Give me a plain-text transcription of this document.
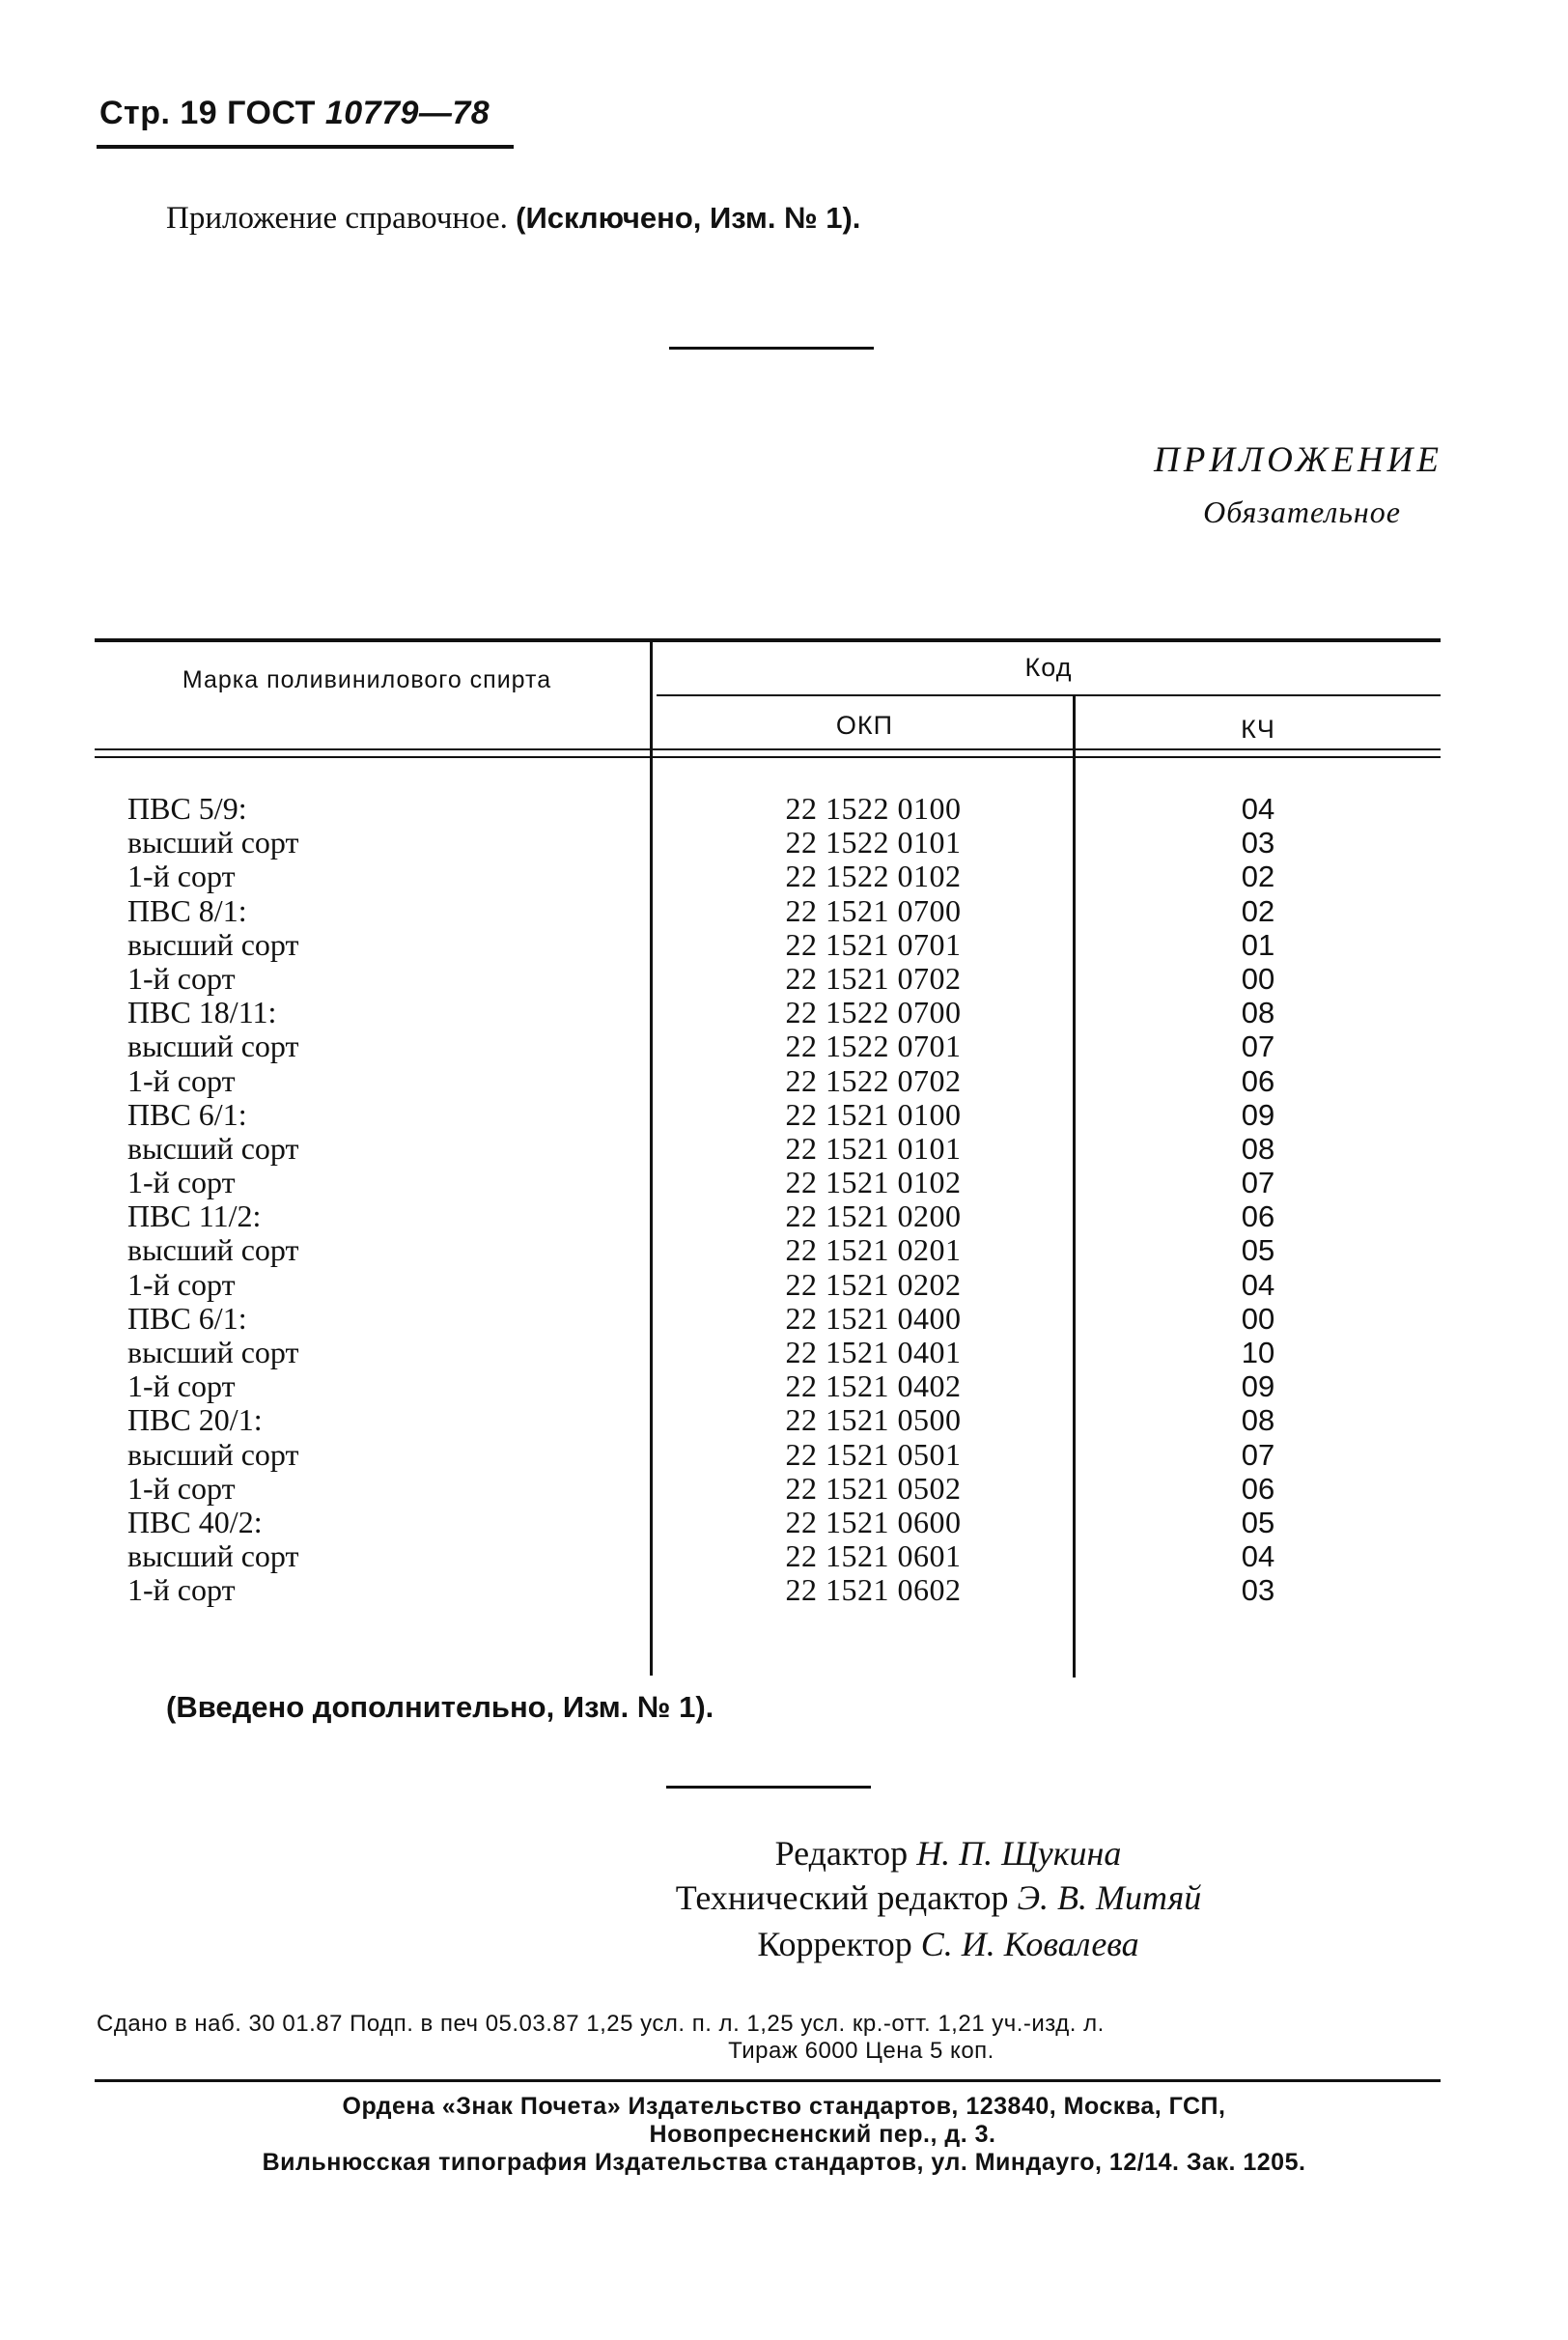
Стр. 19 ГОСТ 10779—78
Приложение справочное. (Исключено, Изм. № 1).
ПРИЛОЖЕНИЕ
Обязательное
Марка поливинилового спирта	Код
ОКП	КЧ
ПВС 5/9:
высший сорт
1-й сорт
ПВС 8/1:
высший сорт
1-й сорт
ПВС 18/11:
высший сорт
1-й сорт
ПВС 6/1:
высший сорт
1-й сорт
ПВС 11/2:
высший сорт
1-й сорт
ПВС 6/1:
высший сорт
1-й сорт
ПВС 20/1:
высший сорт
1-й сорт
ПВС 40/2:
высший сорт
1-й сорт
22 1522 0100
22 1522 0101
22 1522 0102
22 1521 0700
22 1521 0701
22 1521 0702
22 1522 0700
22 1522 0701
22 1522 0702
22 1521 0100
22 1521 0101
22 1521 0102
22 1521 0200
22 1521 0201
22 1521 0202
22 1521 0400
22 1521 0401
22 1521 0402
22 1521 0500
22 1521 0501
22 1521 0502
22 1521 0600
22 1521 0601
22 1521 0602
04
03
02
02
01
00
08
07
06
09
08
07
06
05
04
00
10
09
08
07
06
05
04
03
(Введено дополнительно, Изм. № 1).
Редактор Н. П. Щукина
Технический редактор Э. В. Митяй
Корректор С. И. Ковалева
Сдано в наб. 30 01.87 Подп. в печ 05.03.87 1,25 усл. п. л. 1,25 усл. кр.-отт. 1,21 уч.-изд. л.
Тираж 6000 Цена 5 коп.
Ордена «Знак Почета» Издательство стандартов, 123840, Москва, ГСП,
Новопресненский пер., д. 3.
Вильнюсская типография Издательства стандартов, ул. Миндауго, 12/14. Зак. 1205.
